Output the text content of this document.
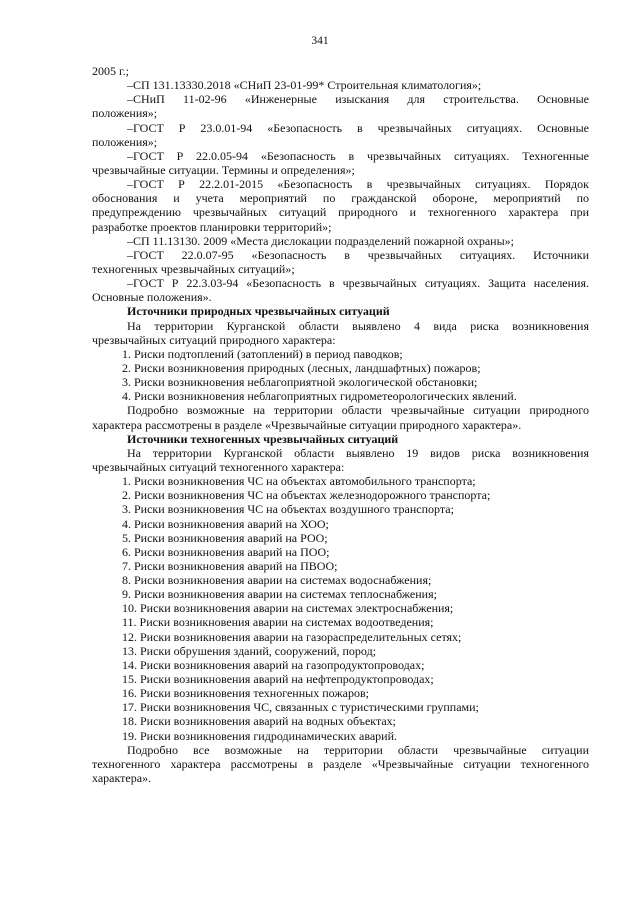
341
2005 г.;
–СП 131.13330.2018 «СНиП 23-01-99* Строительная климатология»;
–СНиП 11-02-96 «Инженерные изыскания для строительства. Основные
положения»;
–ГОСТ Р 23.0.01-94 «Безопасность в чрезвычайных ситуациях. Основные
положения»;
–ГОСТ Р 22.0.05-94 «Безопасность в чрезвычайных ситуациях. Техногенные
чрезвычайные ситуации. Термины и определения»;
–ГОСТ Р 22.2.01-2015 «Безопасность в чрезвычайных ситуациях. Порядок
обоснования и учета мероприятий по гражданской обороне, мероприятий по
предупреждению чрезвычайных ситуаций природного и техногенного характера при
разработке проектов планировки территорий»;
–СП 11.13130. 2009 «Места дислокации подразделений пожарной охраны»;
–ГОСТ 22.0.07-95 «Безопасность в чрезвычайных ситуациях. Источники
техногенных чрезвычайных ситуаций»;
–ГОСТ Р 22.3.03-94 «Безопасность в чрезвычайных ситуациях. Защита населения.
Основные положения».
Источники природных чрезвычайных ситуаций
На территории Курганской области выявлено 4 вида риска возникновения
чрезвычайных ситуаций природного характера:
1. Риски подтоплений (затоплений) в период паводков;
2. Риски возникновения природных (лесных, ландшафтных) пожаров;
3. Риски возникновения неблагоприятной экологической обстановки;
4. Риски возникновения неблагоприятных гидрометеорологических явлений.
Подробно возможные на территории области чрезвычайные ситуации природного
характера рассмотрены в разделе «Чрезвычайные ситуации природного характера».
Источники техногенных чрезвычайных ситуаций
На территории Курганской области выявлено 19 видов риска возникновения
чрезвычайных ситуаций техногенного характера:
1. Риски возникновения ЧС на объектах автомобильного транспорта;
2. Риски возникновения ЧС на объектах железнодорожного транспорта;
3. Риски возникновения ЧС на объектах воздушного транспорта;
4. Риски возникновения аварий на ХОО;
5. Риски возникновения аварий на РОО;
6. Риски возникновения аварий на ПОО;
7. Риски возникновения аварий на ПВОО;
8. Риски возникновения аварии на системах водоснабжения;
9. Риски возникновения аварии на системах теплоснабжения;
10. Риски возникновения аварии на системах электроснабжения;
11. Риски возникновения аварии на системах водоотведения;
12. Риски возникновения аварии на газораспределительных сетях;
13. Риски обрушения зданий, сооружений, пород;
14. Риски возникновения аварий на газопродуктопроводах;
15. Риски возникновения аварий на нефтепродуктопроводах;
16. Риски возникновения техногенных пожаров;
17. Риски возникновения ЧС, связанных с туристическими группами;
18. Риски возникновения аварий на водных объектах;
19. Риски возникновения гидродинамических аварий.
Подробно все возможные на территории области чрезвычайные ситуации
техногенного характера рассмотрены в разделе «Чрезвычайные ситуации техногенного
характера».
